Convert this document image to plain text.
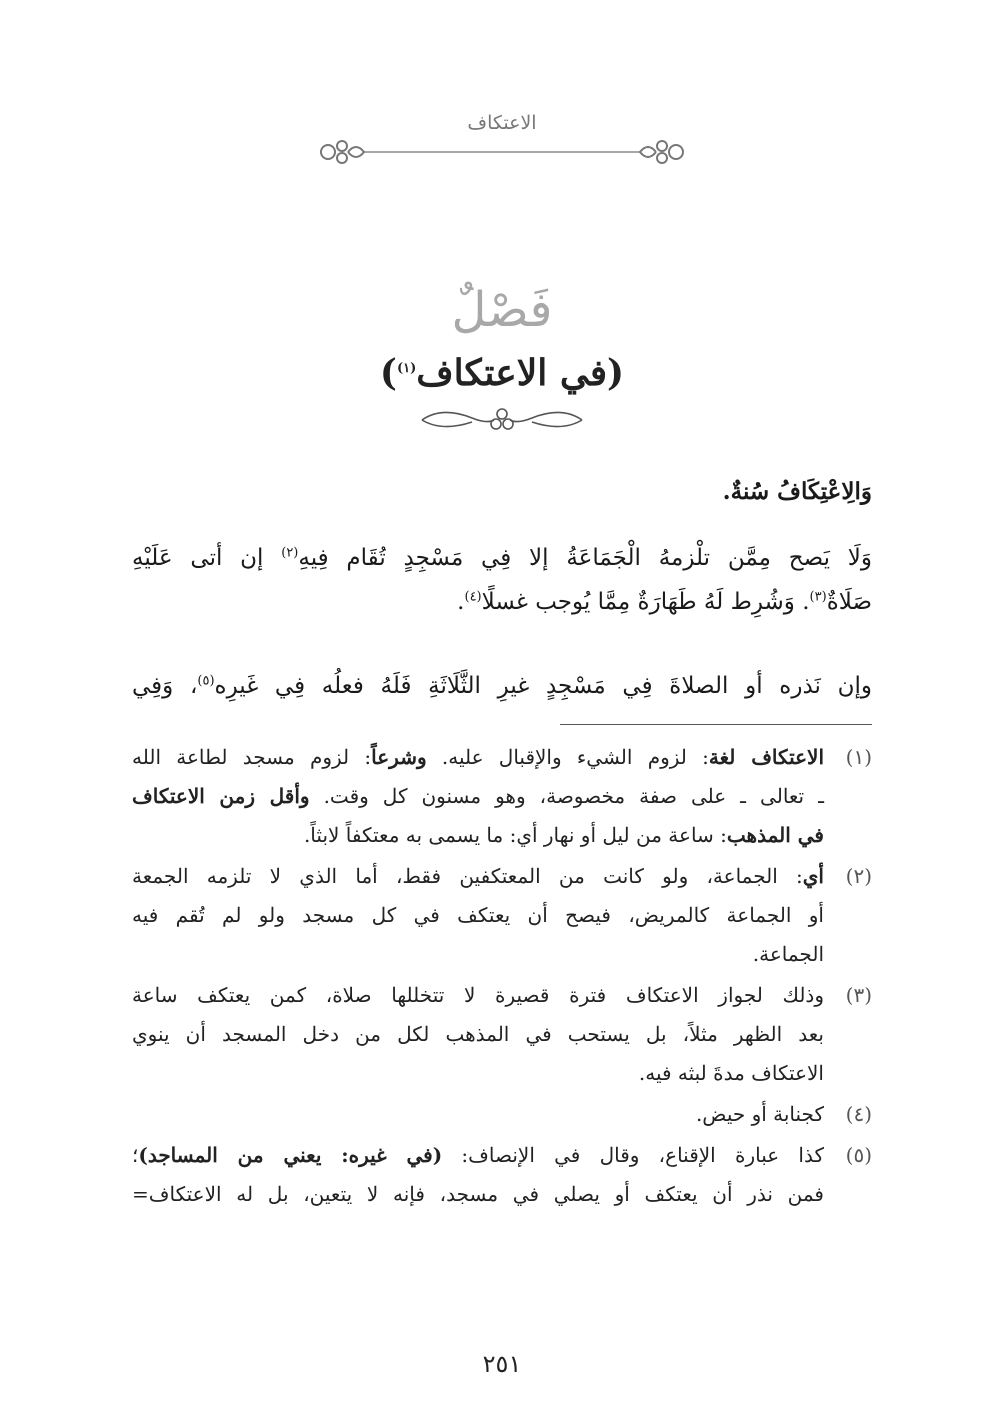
الاعتكاف
فَصْلٌ
(في الاعتكاف$^{(١)}$)
وَالِاعْتِكَافُ سُنةٌ.
وَلَا يَصح مِمَّن تلْزمهُ الْجَمَاعَةُ إلا فِي مَسْجِدٍ تُقَام فِيهِ$^{(٢)}$ إن أتى عَلَيْهِ
صَلَاةٌ$^{(٣)}$. وَشُرِط لَهُ طَهَارَةٌ مِمَّا يُوجب غسلًا$^{(٤)}$.
وإن نَذره أو الصلاةَ فِي مَسْجِدٍ غيرِ الثَّلَاثَةِ فَلَهُ فعلُه فِي غَيرِه$^{(٥)}$، وَفِي
(١)
الاعتكاف لغة: لزوم الشيء والإقبال عليه. وشرعاً: لزوم مسجد لطاعة الله
ـ تعالى ـ على صفة مخصوصة، وهو مسنون كل وقت. وأقل زمن الاعتكاف
في المذهب: ساعة من ليل أو نهار أي: ما يسمى به معتكفاً لابثاً.
(٢)
أي: الجماعة، ولو كانت من المعتكفين فقط، أما الذي لا تلزمه الجمعة
أو الجماعة كالمريض، فيصح أن يعتكف في كل مسجد ولو لم تُقم فيه
الجماعة.
(٣)
وذلك لجواز الاعتكاف فترة قصيرة لا تتخللها صلاة، كمن يعتكف ساعة
بعد الظهر مثلاً، بل يستحب في المذهب لكل من دخل المسجد أن ينوي
الاعتكاف مدةَ لبثه فيه.
(٤)
كجنابة أو حيض.
(٥)
كذا عبارة الإقناع، وقال في الإنصاف: (في غيره: يعني من المساجد)؛
فمن نذر أن يعتكف أو يصلي في مسجد، فإنه لا يتعين، بل له الاعتكاف=
٢٥١
